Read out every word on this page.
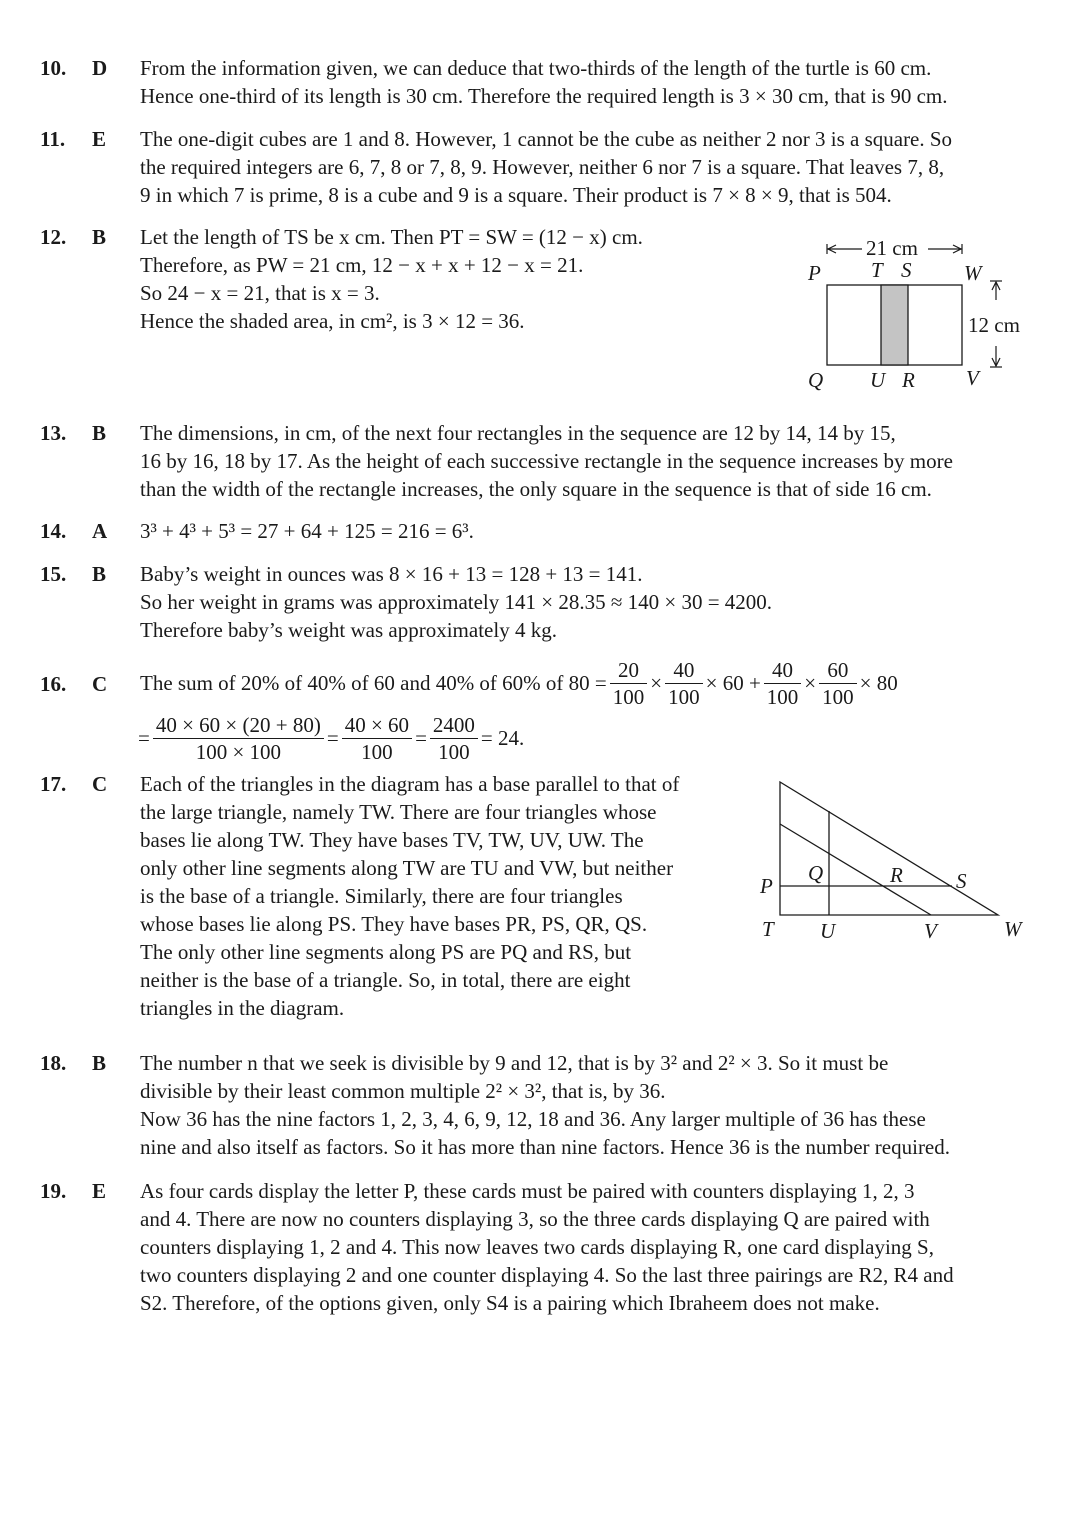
10. D From the information given, we can deduce that two-thirds of the length of the turtle is 60 cm.

Hence one-third of its length is 30 cm. Therefore the required length is 3 × 30 cm, that is 90 cm.

11. E The one-digit cubes are 1 and 8. However, 1 cannot be the cube as neither 2 nor 3 is a square. So

the required integers are 6, 7, 8 or 7, 8, 9. However, neither 6 nor 7 is a square. That leaves 7, 8,

9 in which 7 is prime, 8 is a cube and 9 is a square. Their product is 7 × 8 × 9, that is 504.

12. B Let the length of TS be x cm. Then PT = SW = (12 − x) cm.

Therefore, as PW = 21 cm, 12 − x + x + 12 − x = 21.

So 24 − x = 21, that is x = 3.

Hence the shaded area, in cm², is 3 × 12 = 36.

21 cm
12 cm
P T S	W
Q U R V
13. B The dimensions, in cm, of the next four rectangles in the sequence are 12 by 14, 14 by 15,

16 by 16, 18 by 17. As the height of each successive rectangle in the sequence increases by more

than the width of the rectangle increases, the only square in the sequence is that of side 16 cm.

14. A 3³ + 4³ + 5³ = 27 + 64 + 125 = 216 = 6³.

15. B Baby’s weight in ounces was 8 × 16 + 13 = 128 + 13 = 141.

So her weight in grams was approximately 141 × 28.35 ≈ 140 × 30 = 4200.

Therefore baby’s weight was approximately 4 kg.

16. C The sum of 20% of 40% of 60 and 40% of 60% of $80 = \frac{20}{100} \times \frac{40}{100} \times 60 + \frac{40}{100} \times \frac{60}{100} \times 80$
= $\frac{40 \times 60 \times (20 + 80)}{100 \times 100} = \frac{40 \times 60}{100} = \frac{2400}{100} = 24$.
17. C Each of the triangles in the diagram has a base parallel to that of

the large triangle, namely TW. There are four triangles whose

bases lie along TW. They have bases TV, TW, UV, UW. The

only other line segments along TW are TU and VW, but neither

is the base of a triangle. Similarly, there are four triangles

whose bases lie along PS. They have bases PR, PS, QR, QS.

The only other line segments along PS are PQ and RS, but

neither is the base of a triangle. So, in total, there are eight

triangles in the diagram.

P
Q	R	S
T U	V	W
18. B The number n that we seek is divisible by 9 and 12, that is by 3² and 2² × 3. So it must be

divisible by their least common multiple 2² × 3², that is, by 36.

Now 36 has the nine factors 1, 2, 3, 4, 6, 9, 12, 18 and 36. Any larger multiple of 36 has these

nine and also itself as factors. So it has more than nine factors. Hence 36 is the number required.

19. E As four cards display the letter P, these cards must be paired with counters displaying 1, 2, 3

and 4. There are now no counters displaying 3, so the three cards displaying Q are paired with

counters displaying 1, 2 and 4. This now leaves two cards displaying R, one card displaying S,

two counters displaying 2 and one counter displaying 4. So the last three pairings are R2, R4 and

S2. Therefore, of the options given, only S4 is a pairing which Ibraheem does not make.
